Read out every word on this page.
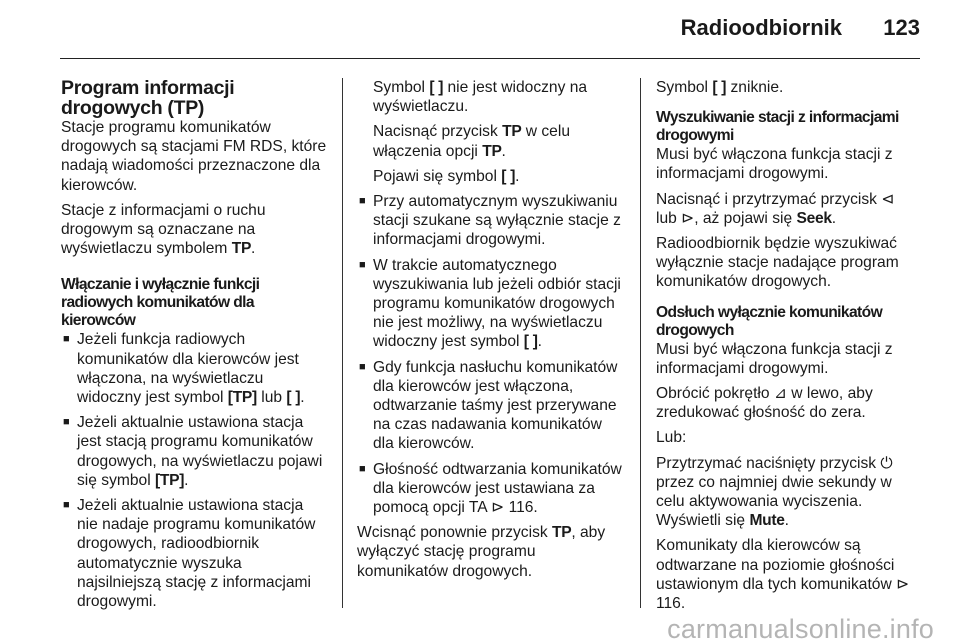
Radioodbiornik 123
Program informacji drogowych (TP)

Stacje programu komunikatów drogowych są stacjami FM RDS, które nadają wiadomości przeznaczone dla kierowców.

Stacje z informacjami o ruchu drogowym są oznaczane na wyświetlaczu symbolem TP.

Włączanie i wyłącznie funkcji radiowych komunikatów dla kierowców
■ Jeżeli funkcja radiowych komunikatów dla kierowców jest włączona, na wyświetlaczu widoczny jest symbol [TP] lub [ ].
■ Jeżeli aktualnie ustawiona stacja jest stacją programu komunikatów drogowych, na wyświetlaczu pojawi się symbol [TP].
■ Jeżeli aktualnie ustawiona stacja nie nadaje programu komunikatów drogowych, radioodbiornik automatycznie wyszuka najsilniejszą stację z informacjami drogowymi.

Symbol [ ] nie jest widoczny na wyświetlaczu.

Nacisnąć przycisk TP w celu włączenia opcji TP.

Pojawi się symbol [ ].

■ Przy automatycznym wyszukiwaniu stacji szukane są wyłącznie stacje z informacjami drogowymi.
■ W trakcie automatycznego wyszukiwania lub jeżeli odbiór stacji programu komunikatów drogowych nie jest możliwy, na wyświetlaczu widoczny jest symbol [ ].
■ Gdy funkcja nasłuchu komunikatów dla kierowców jest włączona, odtwarzanie taśmy jest przerywane na czas nadawania komunikatów dla kierowców.
■ Głośność odtwarzania komunikatów dla kierowców jest ustawiana za pomocą opcji TA ⊳ 116.

Wcisnąć ponownie przycisk TP, aby wyłączyć stację programu komunikatów drogowych.

Symbol [ ] zniknie.

Wyszukiwanie stacji z informacjami drogowymi

Musi być włączona funkcja stacji z informacjami drogowymi.

Nacisnąć i przytrzymać przycisk ⊲ lub ⊳, aż pojawi się Seek.

Radioodbiornik będzie wyszukiwać wyłącznie stacje nadające program komunikatów drogowych.

Odsłuch wyłącznie komunikatów drogowych

Musi być włączona funkcja stacji z informacjami drogowymi.

Obrócić pokrętło ⊿ w lewo, aby zredukować głośność do zera.

Lub:

Przytrzymać naciśnięty przycisk ⏻ przez co najmniej dwie sekundy w celu aktywowania wyciszenia. Wyświetli się Mute.

Komunikaty dla kierowców są odtwarzane na poziomie głośności ustawionym dla tych komunikatów ⊳ 116.

carmanualsonline.info
